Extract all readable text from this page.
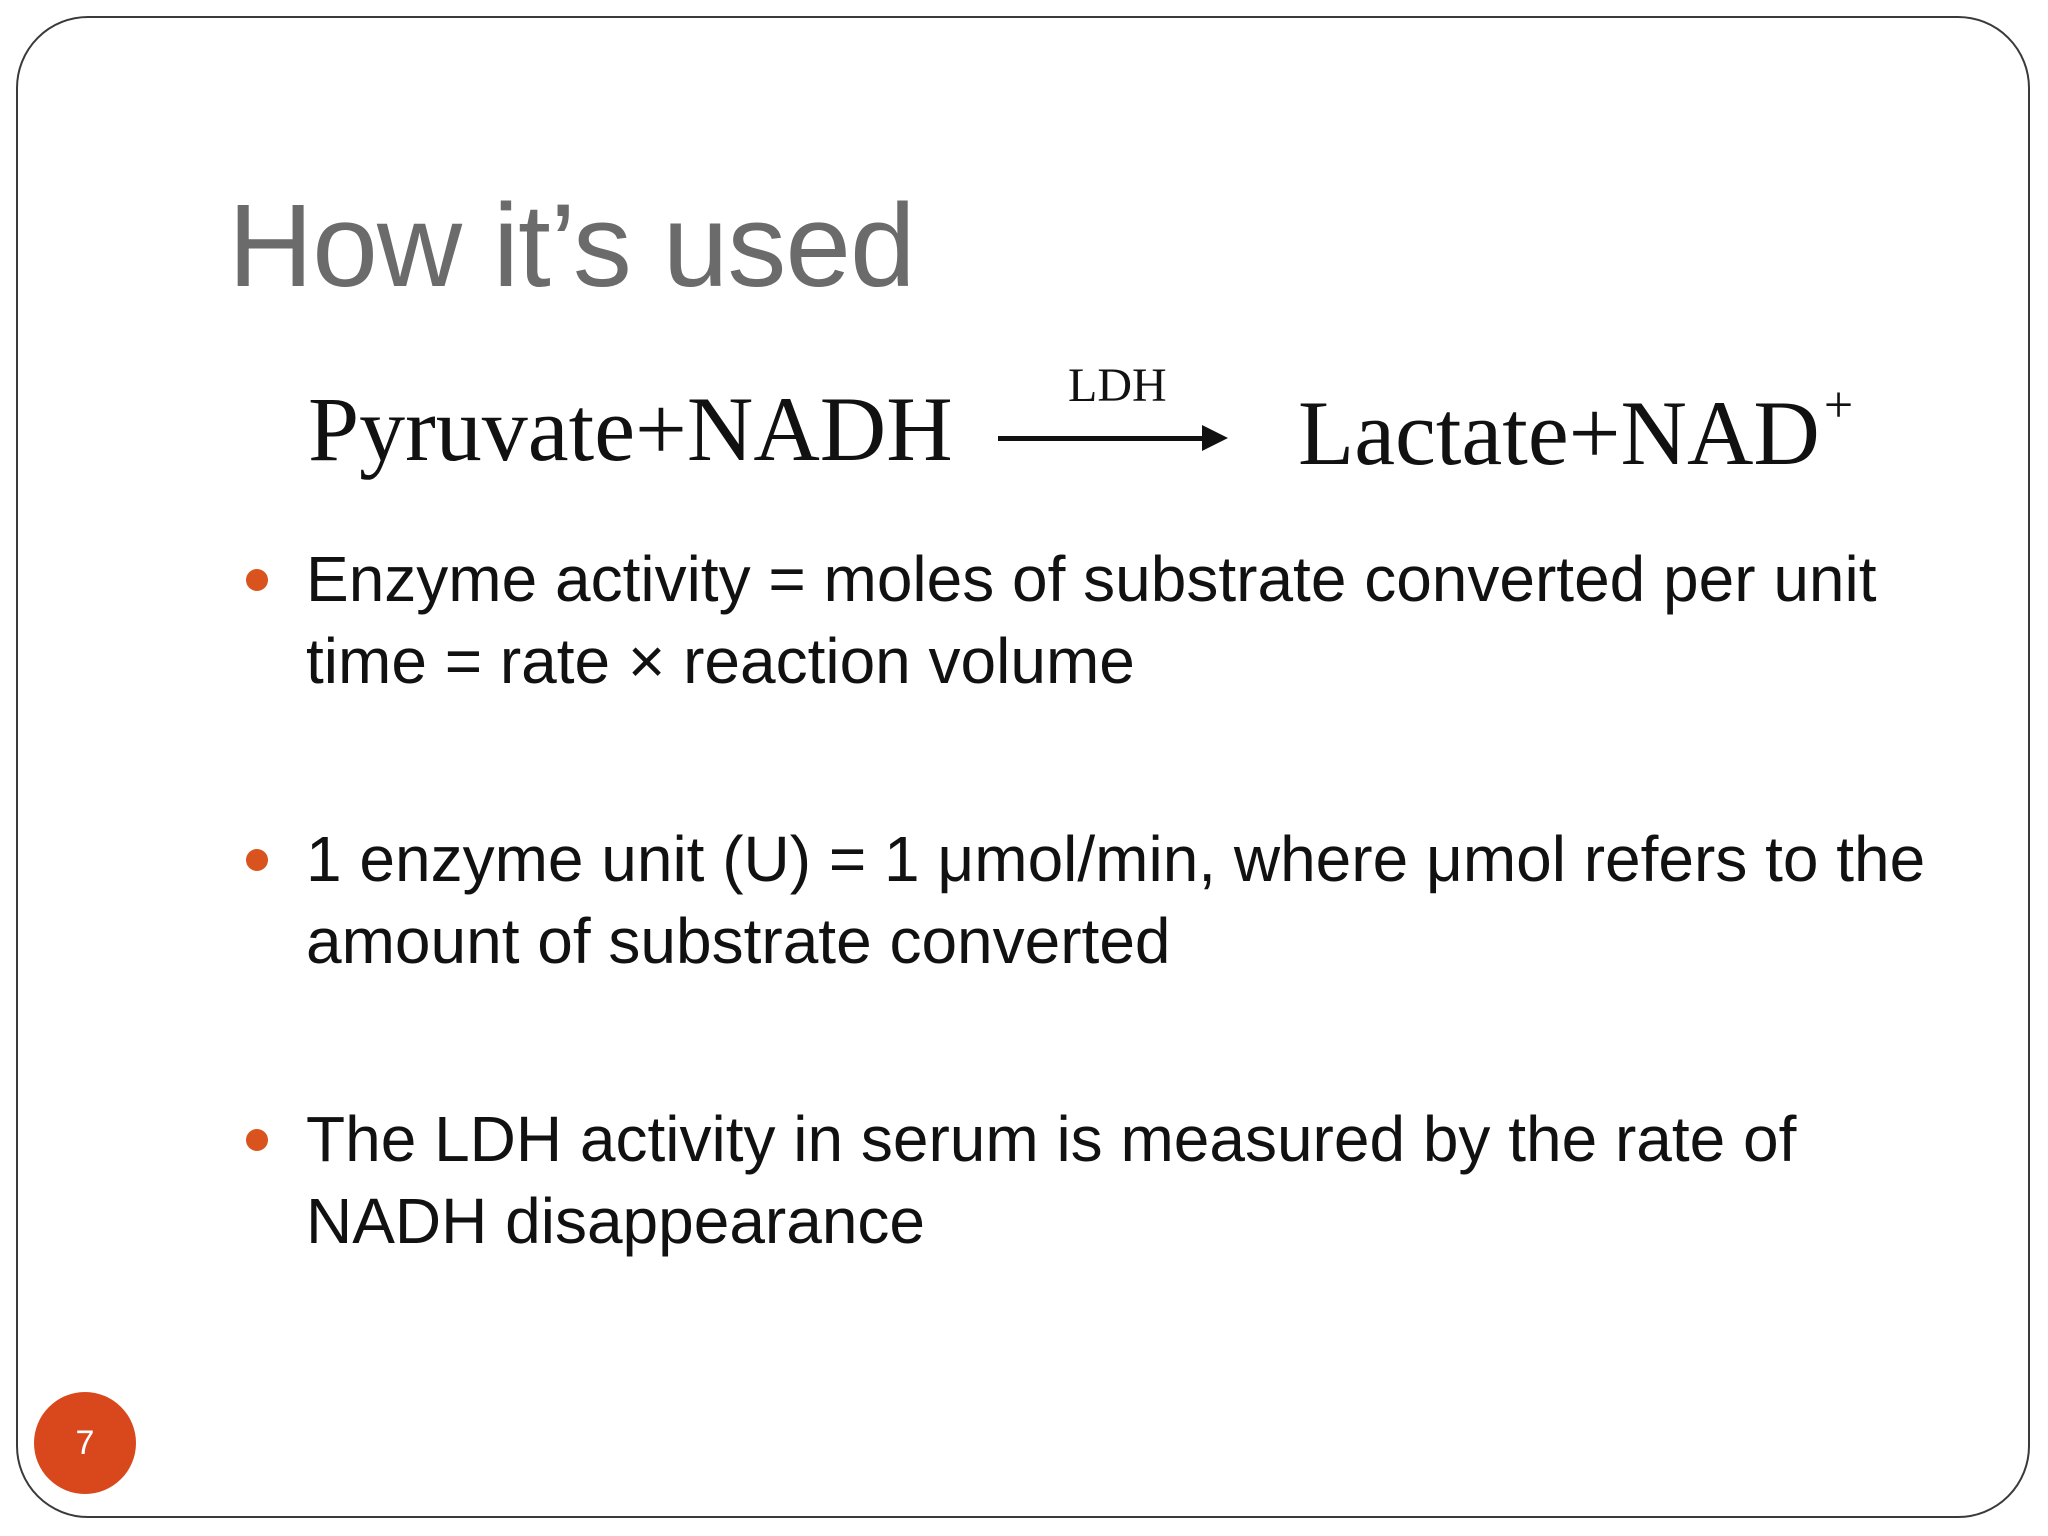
How it’s used
Pyruvate+NADH LDH Lactate+NAD+
Enzyme activity = moles of substrate converted per unit time = rate × reaction volume
1 enzyme unit (U) = 1 μmol/min, where μmol refers to the amount of substrate converted
The LDH activity in serum is measured by the rate of NADH disappearance
7
